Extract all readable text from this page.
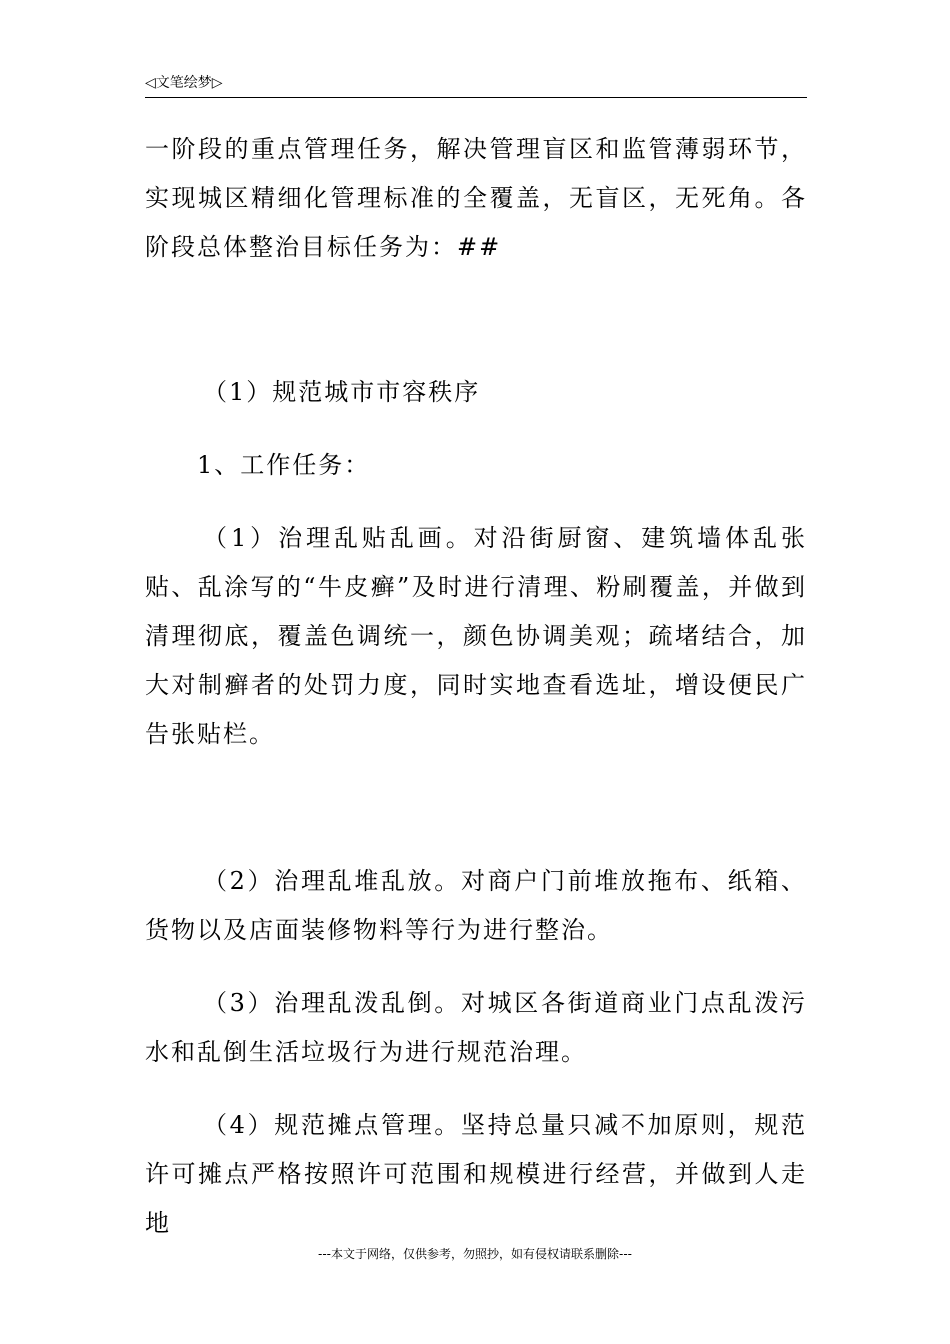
◁文笔绘梦▷

一阶段的重点管理任务，解决管理盲区和监管薄弱环节，实现城区精细化管理标准的全覆盖，无盲区，无死角。各阶段总体整治目标任务为：##

（1）规范城市市容秩序

1、工作任务：

（1）治理乱贴乱画。对沿街厨窗、建筑墙体乱张贴、乱涂写的“牛皮癣”及时进行清理、粉刷覆盖，并做到清理彻底，覆盖色调统一，颜色协调美观；疏堵结合，加大对制癣者的处罚力度，同时实地查看选址，增设便民广告张贴栏。

（2）治理乱堆乱放。对商户门前堆放拖布、纸箱、货物以及店面装修物料等行为进行整治。

（3）治理乱泼乱倒。对城区各街道商业门点乱泼污水和乱倒生活垃圾行为进行规范治理。

（4）规范摊点管理。坚持总量只减不加原则，规范许可摊点严格按照许可范围和规模进行经营，并做到人走地

---本文于网络，仅供参考，勿照抄，如有侵权请联系删除---
